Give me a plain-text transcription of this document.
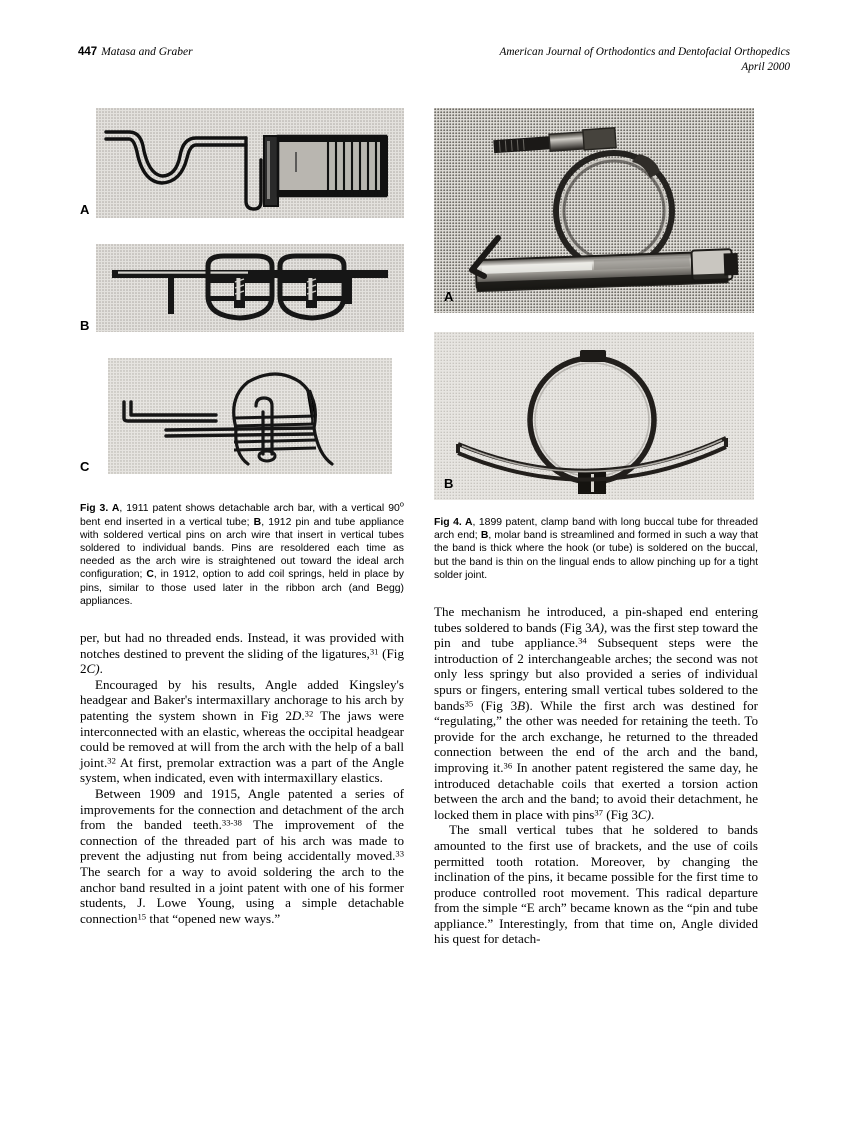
447 Matasa and Graber	American Journal of Orthodontics and Dentofacial Orthopedics
April 2000
A
B
C
Fig 3. A, 1911 patent shows detachable arch bar, with a vertical 90$^o$ bent end inserted in a vertical tube; B, 1912 pin and tube appliance with soldered vertical pins on arch wire that insert in vertical tubes soldered to individual bands. Pins are resoldered each time as needed as the arch wire is straightened out toward the ideal arch configuration; C, in 1912, option to add coil springs, held in place by pins, similar to those used later in the ribbon arch (and Begg) appliances.

per, but had no threaded ends. Instead, it was provided with notches destined to prevent the sliding of the ligatures,$^{31}$ (Fig 2C).

Encouraged by his results, Angle added Kingsley's headgear and Baker's intermaxillary anchorage to his arch by patenting the system shown in Fig 2D.$^{32}$ The jaws were interconnected with an elastic, whereas the occipital headgear could be removed at will from the arch with the help of a ball joint.$^{32}$ At first, premolar extraction was a part of the Angle system, when indicated, even with intermaxillary elastics.

Between 1909 and 1915, Angle patented a series of improvements for the connection and detachment of the arch from the banded teeth.$^{33-38}$ The improvement of the connection of the threaded part of his arch was made to prevent the adjusting nut from being accidentally moved.$^{33}$ The search for a way to avoid soldering the arch to the anchor band resulted in a joint patent with one of his former students, J. Lowe Young, using a simple detachable connection$^{15}$ that “opened new ways.”

A
B
Fig 4. A, 1899 patent, clamp band with long buccal tube for threaded arch end; B, molar band is streamlined and formed in such a way that the band is thick where the hook (or tube) is soldered on the buccal, but the band is thin on the lingual ends to allow pinching up for a tight solder joint.

The mechanism he introduced, a pin-shaped end entering tubes soldered to bands (Fig 3A), was the first step toward the pin and tube appliance.$^{34}$ Subsequent steps were the introduction of 2 interchangeable arches; the second was not only less springy but also provided a series of individual spurs or fingers, entering small vertical tubes soldered to the bands$^{35}$ (Fig 3B). While the first arch was destined for “regulating,” the other was needed for retaining the teeth. To provide for the arch exchange, he returned to the threaded connection between the end of the arch and the band, improving it.$^{36}$ In another patent registered the same day, he introduced detachable coils that exerted a torsion action between the arch and the band; to avoid their detachment, he locked them in place with pins$^{37}$ (Fig 3C).

The small vertical tubes that he soldered to bands amounted to the first use of brackets, and the use of coils permitted tooth rotation. Moreover, by changing the inclination of the pins, it became possible for the first time to produce controlled root movement. This radical departure from the simple “E arch” became known as the “pin and tube appliance.” Interestingly, from that time on, Angle divided his quest for detach-
